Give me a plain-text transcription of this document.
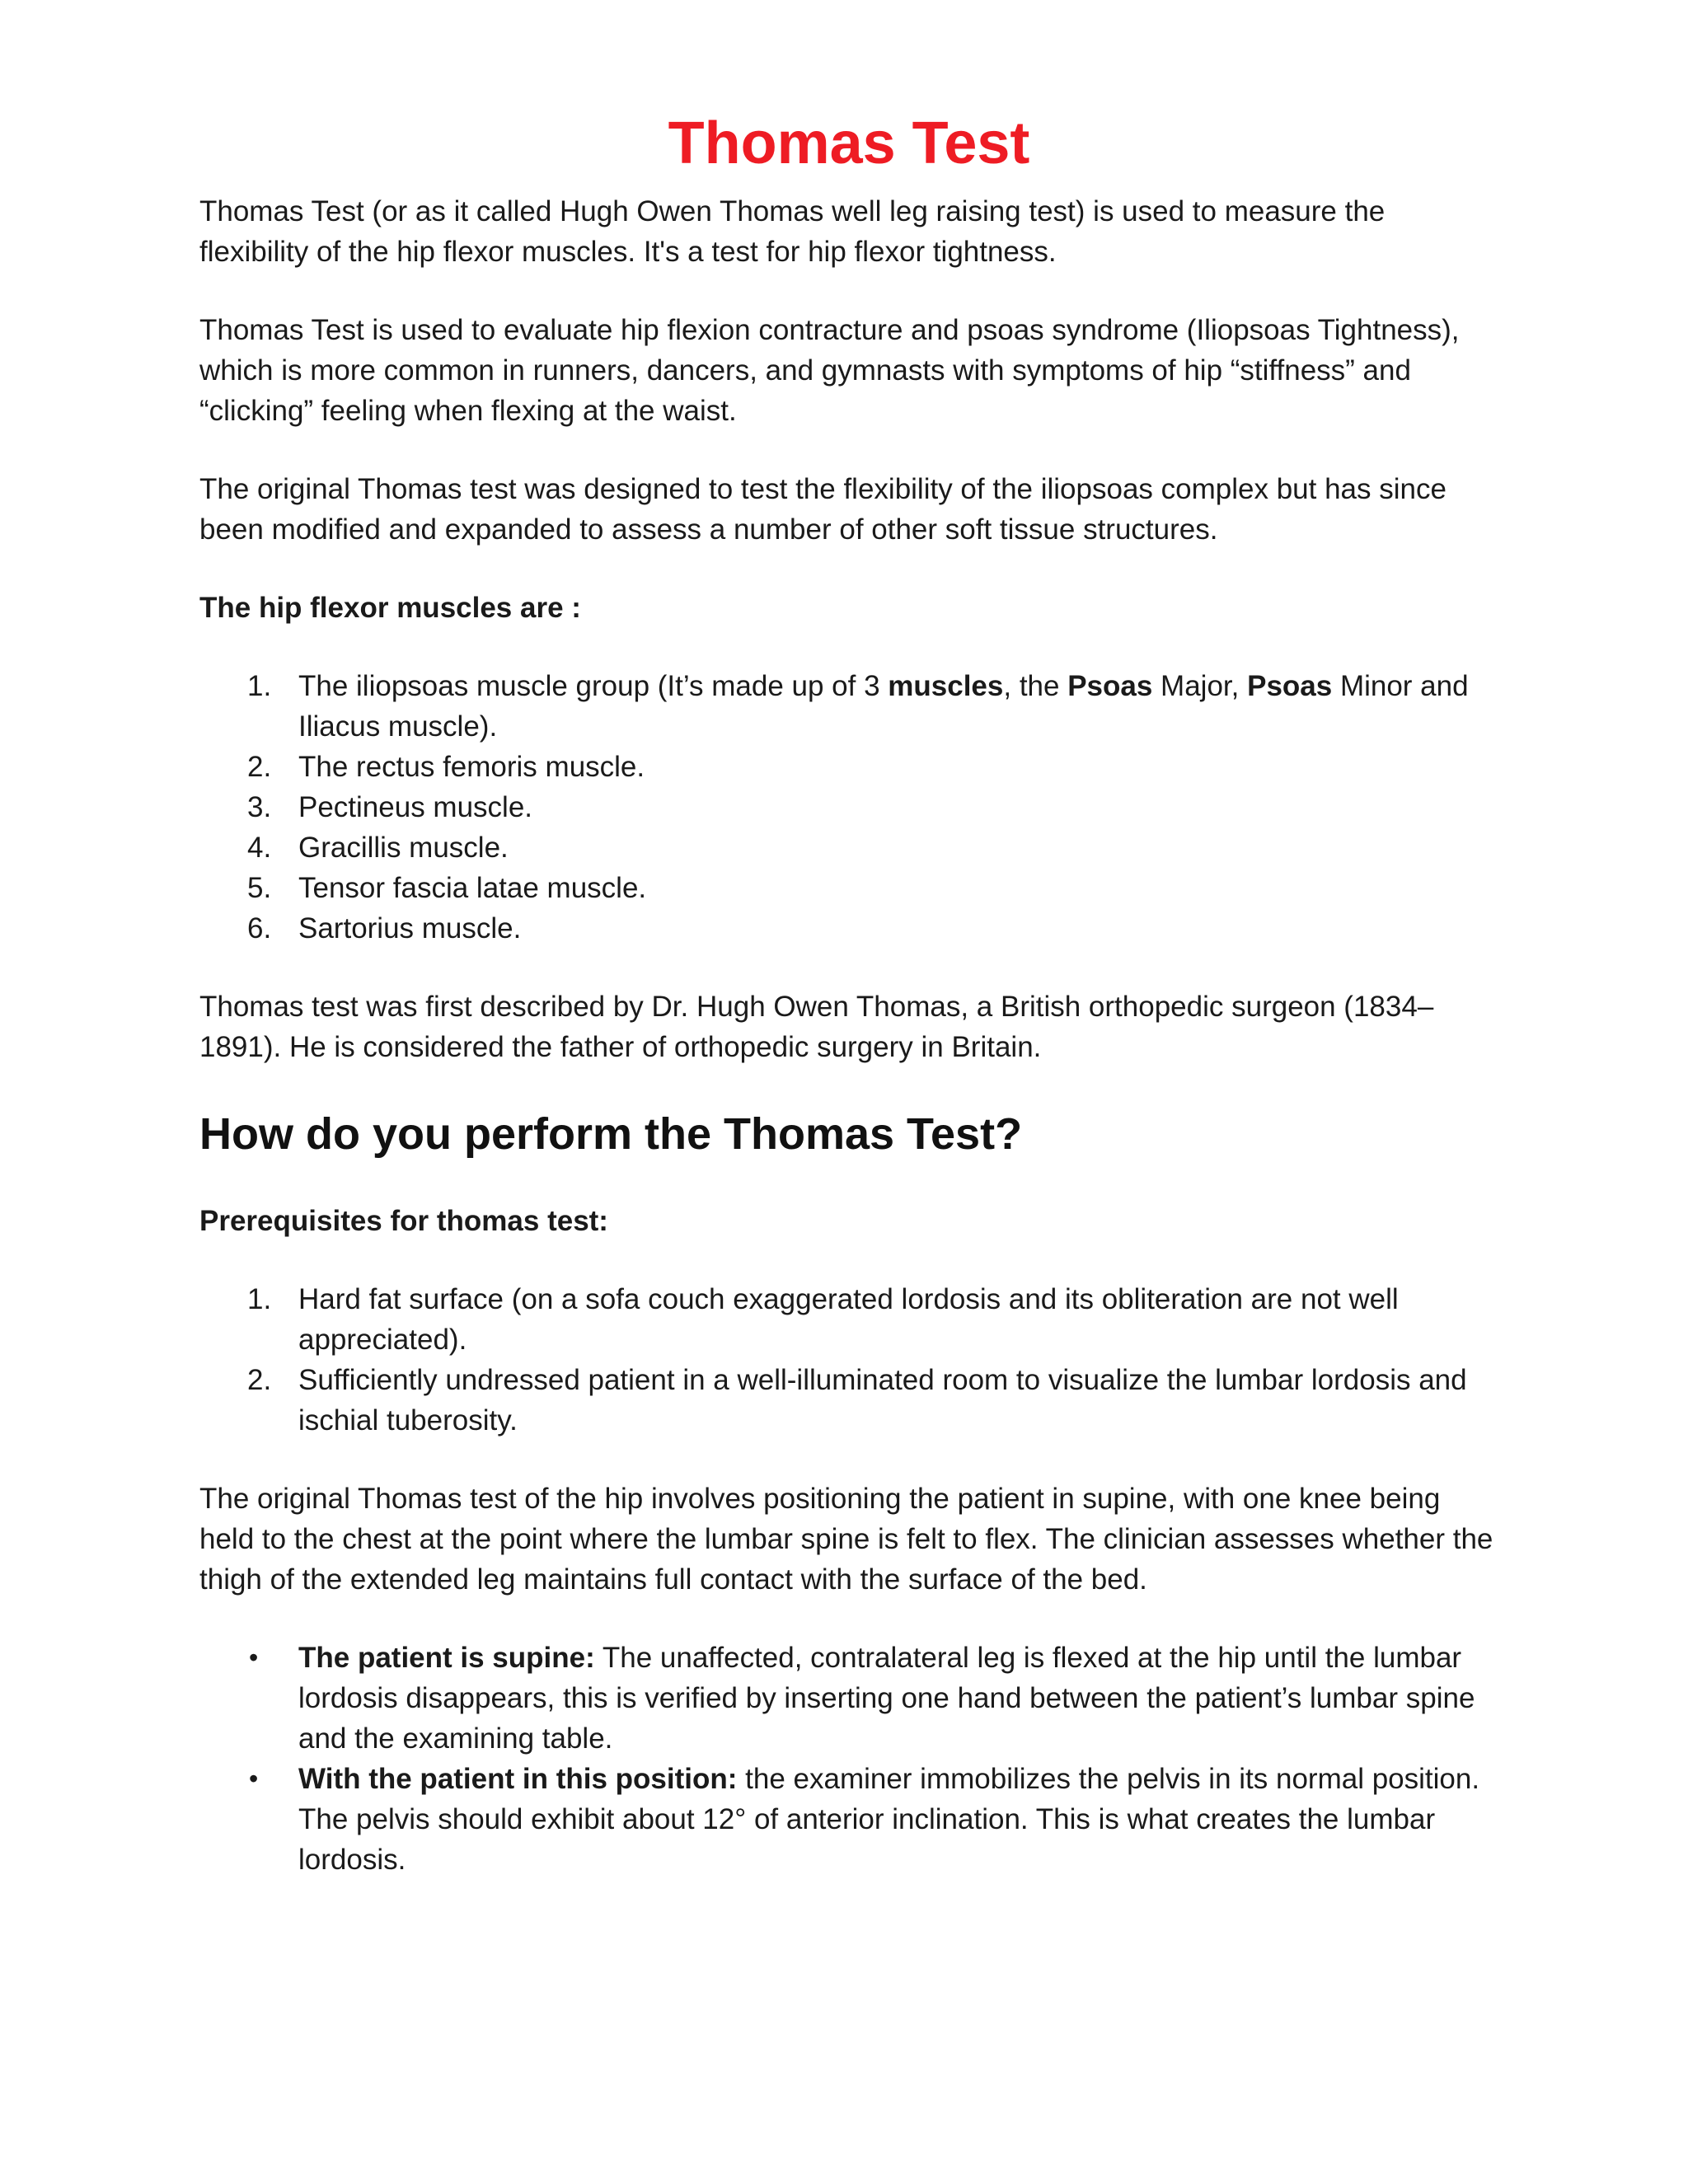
Thomas Test

Thomas Test (or as it called Hugh Owen Thomas well leg raising test) is used to measure the flexibility of the hip flexor muscles. It's a test for hip flexor tightness.

Thomas Test is used to evaluate hip flexion contracture and psoas syndrome (Iliopsoas Tightness), which is more common in runners, dancers, and gymnasts with symptoms of hip “stiffness” and “clicking” feeling when flexing at the waist.

The original Thomas test was designed to test the flexibility of the iliopsoas complex but has since been modified and expanded to assess a number of other soft tissue structures.

The hip flexor muscles are :
1. The iliopsoas muscle group (It’s made up of 3 muscles, the Psoas Major, Psoas Minor and Iliacus muscle).
2. The rectus femoris muscle.
3. Pectineus muscle.
4. Gracillis muscle.
5. Tensor fascia latae muscle.
6. Sartorius muscle.

Thomas test was first described by Dr. Hugh Owen Thomas, a British orthopedic surgeon (1834–1891). He is considered the father of orthopedic surgery in Britain.

How do you perform the Thomas Test?
Prerequisites for thomas test:
1. Hard fat surface (on a sofa couch exaggerated lordosis and its obliteration are not well appreciated).
2. Sufficiently undressed patient in a well-illuminated room to visualize the lumbar lordosis and ischial tuberosity.

The original Thomas test of the hip involves positioning the patient in supine, with one knee being held to the chest at the point where the lumbar spine is felt to flex. The clinician assesses whether the thigh of the extended leg maintains full contact with the surface of the bed.

• The patient is supine: The unaffected, contralateral leg is flexed at the hip until the lumbar lordosis disappears, this is verified by inserting one hand between the patient’s lumbar spine and the examining table.
• With the patient in this position: the examiner immobilizes the pelvis in its normal position. The pelvis should exhibit about 12° of anterior inclination. This is what creates the lumbar lordosis.
